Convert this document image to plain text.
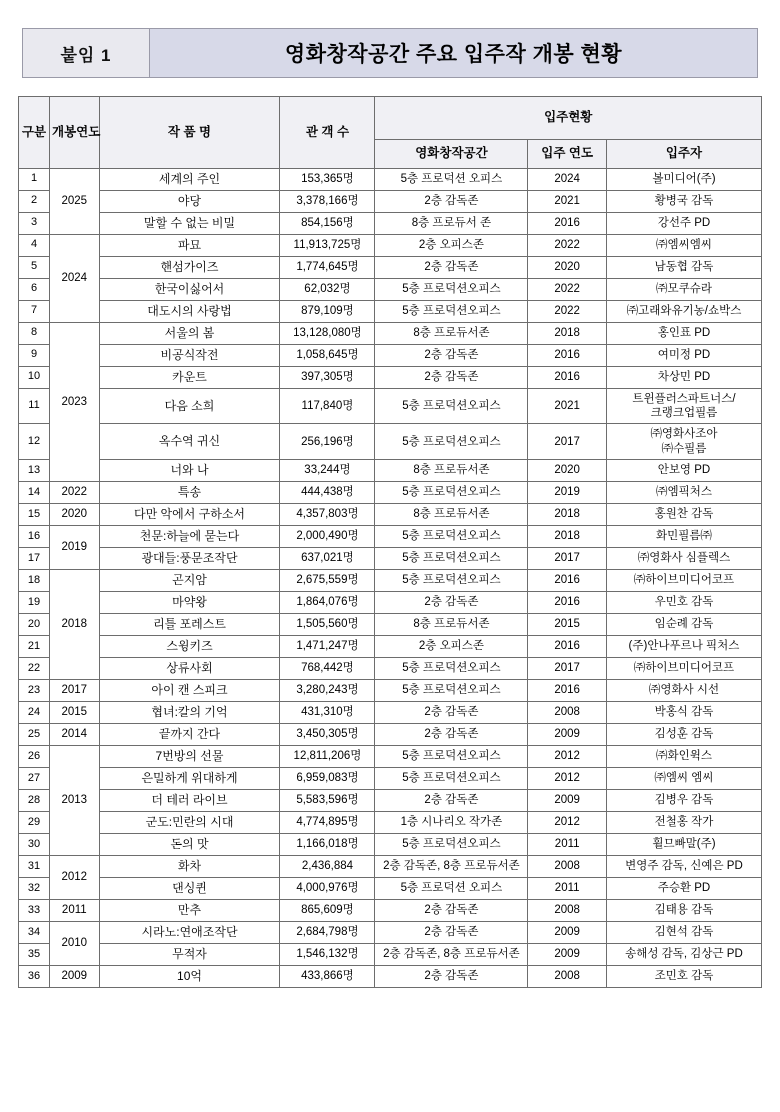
붙임 1	영화창작공간 주요 입주작 개봉 현황
구분	개봉연도	작 품 명	관 객 수	입주현황		
				영화창작공간	입주 연도	입주자
1	2025	세계의 주인	153,365명	5층 프로덕션 오피스	2024	볼미디어(주)
2		야당	3,378,166명	2층 감독존	2021	황병국 감독
3		말할 수 없는 비밀	854,156명	8층 프로듀서 존	2016	강선주 PD
4	2024	파묘	11,913,725명	2층 오피스존	2022	㈜엠씨엠씨
5		핸섬가이즈	1,774,645명	2층 감독존	2020	남동협 감독
6		한국이싫어서	62,032명	5층 프로덕션오피스	2022	㈜모쿠슈라
7		대도시의 사랑법	879,109명	5층 프로덕션오피스	2022	㈜고래와유기농/쇼박스
8	2023	서울의 봄	13,128,080명	8층 프로듀서존	2018	홍인표 PD
9		비공식작전	1,058,645명	2층 감독존	2016	여미정 PD
10		카운트	397,305명	2층 감독존	2016	차상민 PD
11		다음 소희	117,840명	5층 프로덕션오피스	2021	트윈플러스파트너스/
크랭크업필름
12		옥수역 귀신	256,196명	5층 프로덕션오피스	2017	㈜영화사조아
㈜수필름
13		너와 나	33,244명	8층 프로듀서존	2020	안보영 PD
14	2022	특송	444,438명	5층 프로덕션오피스	2019	㈜엠픽처스
15	2020	다만 악에서 구하소서	4,357,803명	8층 프로듀서존	2018	홍원찬 감독
16	2019	천문:하늘에 묻는다	2,000,490명	5층 프로덕션오피스	2018	화민필름㈜
17		광대들:풍문조작단	637,021명	5층 프로덕션오피스	2017	㈜영화사 심플렉스
18	2018	곤지암	2,675,559명	5층 프로덕션오피스	2016	㈜하이브미디어코프
19		마약왕	1,864,076명	2층 감독존	2016	우민호 감독
20		리틀 포레스트	1,505,560명	8층 프로듀서존	2015	임순례 감독
21		스윙키즈	1,471,247명	2층 오피스존	2016	(주)안나푸르나 픽처스
22		상류사회	768,442명	5층 프로덕션오피스	2017	㈜하이브미디어코프
23	2017	아이 캔 스피크	3,280,243명	5층 프로덕션오피스	2016	㈜영화사 시선
24	2015	협녀:칼의 기억	431,310명	2층 감독존	2008	박홍식 감독
25	2014	끝까지 간다	3,450,305명	2층 감독존	2009	김성훈 감독
26	2013	7번방의 선물	12,811,206명	5층 프로덕션오피스	2012	㈜화인윅스
27		은밀하게 위대하게	6,959,083명	5층 프로덕션오피스	2012	㈜엠씨 엠씨
28		더 테러 라이브	5,583,596명	2층 감독존	2009	김병우 감독
29		군도:민란의 시대	4,774,895명	1층 시나리오 작가존	2012	전철홍 작가
30		돈의 맛	1,166,018명	5층 프로덕션오피스	2011	휠므빠말(주)
31	2012	화차	2,436,884	2층 감독존, 8층 프로듀서존	2008	변영주 감독, 신예은 PD
32		댄싱퀸	4,000,976명	5층 프로덕션 오피스	2011	주승환 PD
33	2011	만추	865,609명	2층 감독존	2008	김태용 감독
34	2010	시라노:연애조작단	2,684,798명	2층 감독존	2009	김현석 감독
35		무적자	1,546,132명	2층 감독존, 8층 프로듀서존	2009	송해성 감독, 김상근 PD
36	2009	10억	433,866명	2층 감독존	2008	조민호 감독
